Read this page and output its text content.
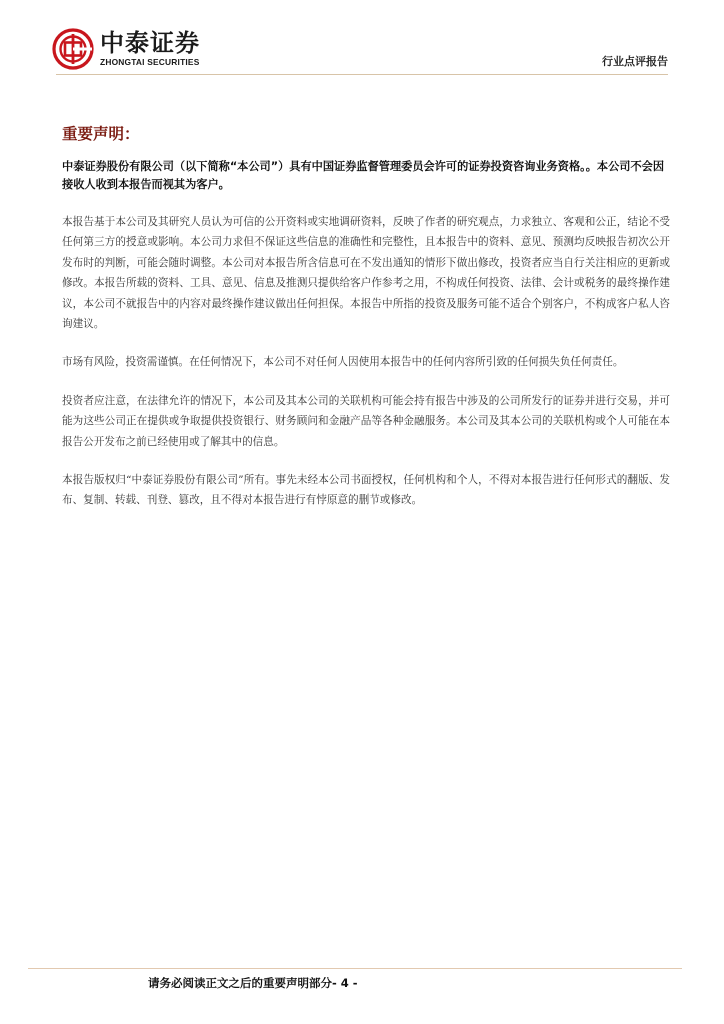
中泰证券
ZHONGTAI SECURITIES	行业点评报告
重要声明：
中泰证券股份有限公司（以下简称“本公司”）具有中国证券监督管理委员会许可的证券投资咨询业务资格。。本公司不会因接收人收到本报告而视其为客户。

本报告基于本公司及其研究人员认为可信的公开资料或实地调研资料，反映了作者的研究观点，力求独立、客观和公正，结论不受任何第三方的授意或影响。本公司力求但不保证这些信息的准确性和完整性，且本报告中的资料、意见、预测均反映报告初次公开发布时的判断，可能会随时调整。本公司对本报告所含信息可在不发出通知的情形下做出修改，投资者应当自行关注相应的更新或修改。本报告所载的资料、工具、意见、信息及推测只提供给客户作参考之用，不构成任何投资、法律、会计或税务的最终操作建议，本公司不就报告中的内容对最终操作建议做出任何担保。本报告中所指的投资及服务可能不适合个别客户，不构成客户私人咨询建议。

市场有风险，投资需谨慎。在任何情况下，本公司不对任何人因使用本报告中的任何内容所引致的任何损失负任何责任。

投资者应注意，在法律允许的情况下，本公司及其本公司的关联机构可能会持有报告中涉及的公司所发行的证券并进行交易，并可能为这些公司正在提供或争取提供投资银行、财务顾问和金融产品等各种金融服务。本公司及其本公司的关联机构或个人可能在本报告公开发布之前已经使用或了解其中的信息。

本报告版权归“中泰证券股份有限公司”所有。事先未经本公司书面授权，任何机构和个人，不得对本报告进行任何形式的翻版、发布、复制、转载、刊登、篡改，且不得对本报告进行有悖原意的删节或修改。

请务必阅读正文之后的重要声明部分- 4 -
